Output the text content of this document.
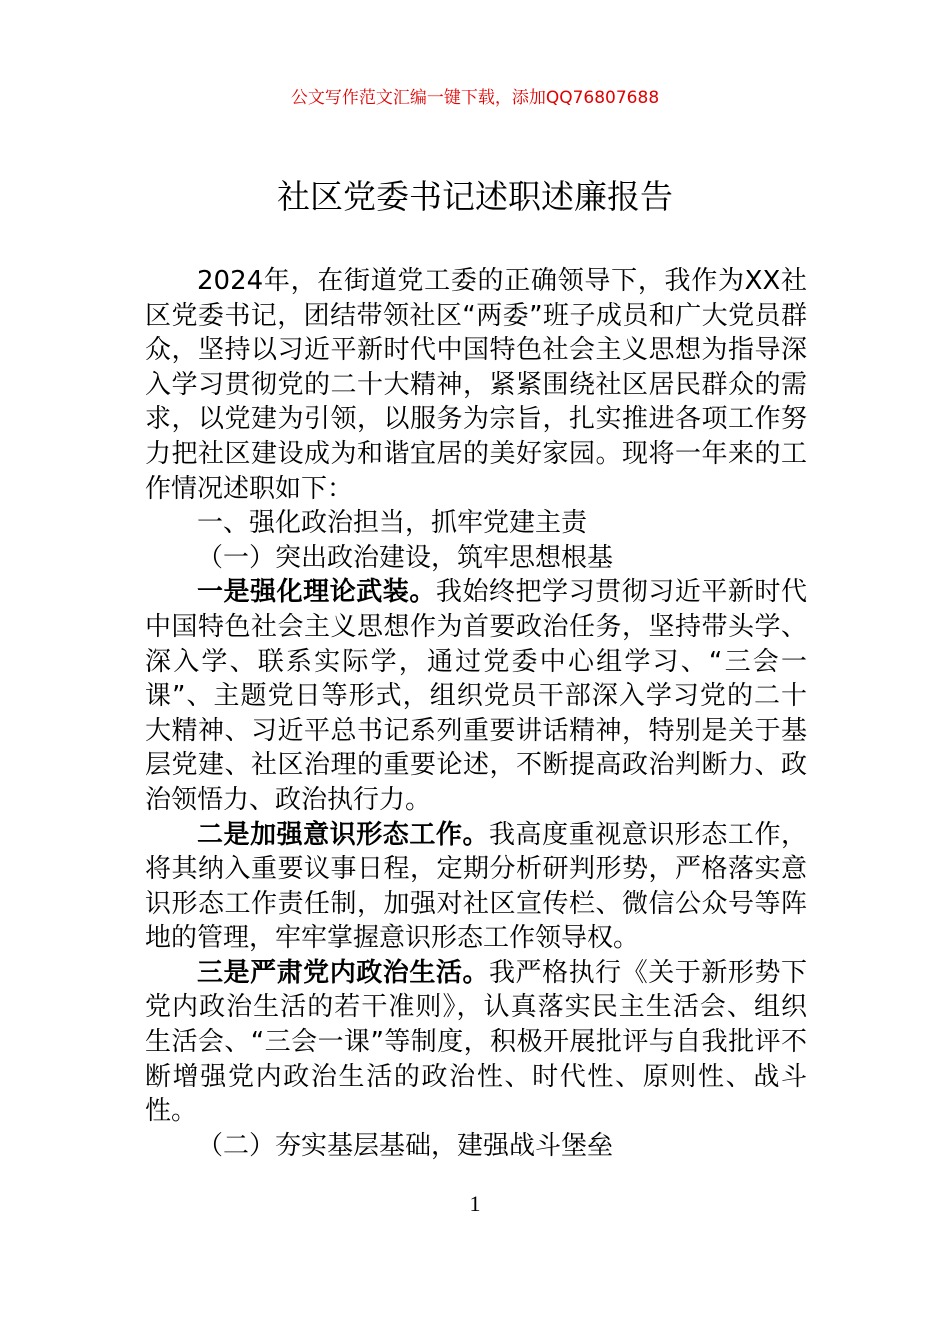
公文写作范文汇编一键下载，添加QQ76807688
社区党委书记述职述廉报告

2024年，在街道党工委的正确领导下，我作为XX社区党委书记，团结带领社区“两委”班子成员和广大党员群众，坚持以习近平新时代中国特色社会主义思想为指导深入学习贯彻党的二十大精神，紧紧围绕社区居民群众的需求，以党建为引领，以服务为宗旨，扎实推进各项工作努力把社区建设成为和谐宜居的美好家园。现将一年来的工作情况述职如下：

一、强化政治担当，抓牢党建主责

（一）突出政治建设，筑牢思想根基

一是强化理论武装。我始终把学习贯彻习近平新时代中国特色社会主义思想作为首要政治任务，坚持带头学、深入学、联系实际学，通过党委中心组学习、“三会一课”、主题党日等形式，组织党员干部深入学习党的二十大精神、习近平总书记系列重要讲话精神，特别是关于基层党建、社区治理的重要论述，不断提高政治判断力、政治领悟力、政治执行力。

二是加强意识形态工作。我高度重视意识形态工作，将其纳入重要议事日程，定期分析研判形势，严格落实意识形态工作责任制，加强对社区宣传栏、微信公众号等阵地的管理，牢牢掌握意识形态工作领导权。

三是严肃党内政治生活。我严格执行《关于新形势下党内政治生活的若干准则》，认真落实民主生活会、组织生活会、“三会一课”等制度，积极开展批评与自我批评不断增强党内政治生活的政治性、时代性、原则性、战斗性。

（二）夯实基层基础，建强战斗堡垒

1
